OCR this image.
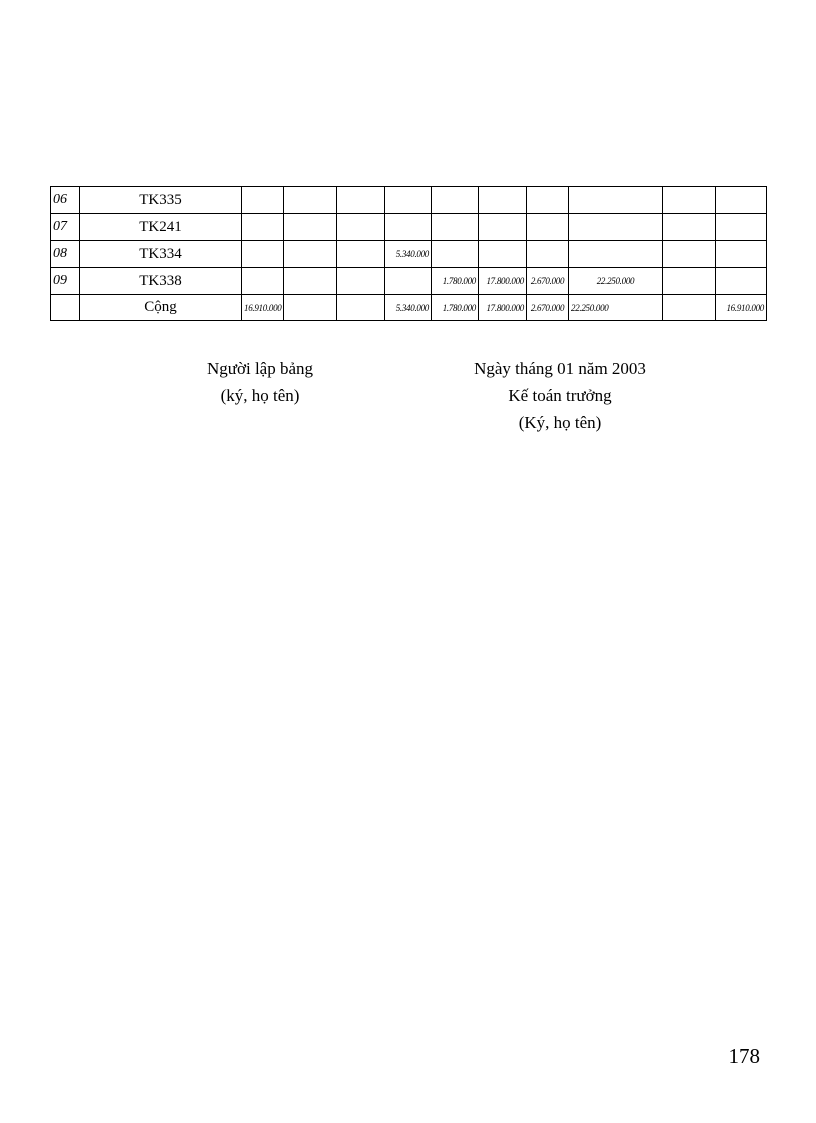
06	TK335										
07	TK241										
08	TK334				5.340.000						
09	TK338					1.780.000	17.800.000	2.670.000	22.250.000		
	Cộng	16.910.000			5.340.000	1.780.000	17.800.000	2.670.000	22.250.000		16.910.000
Người lập bảng
(ký, họ tên)
Ngày tháng 01 năm 2003
Kế toán trưởng
(Ký, họ tên)
178
